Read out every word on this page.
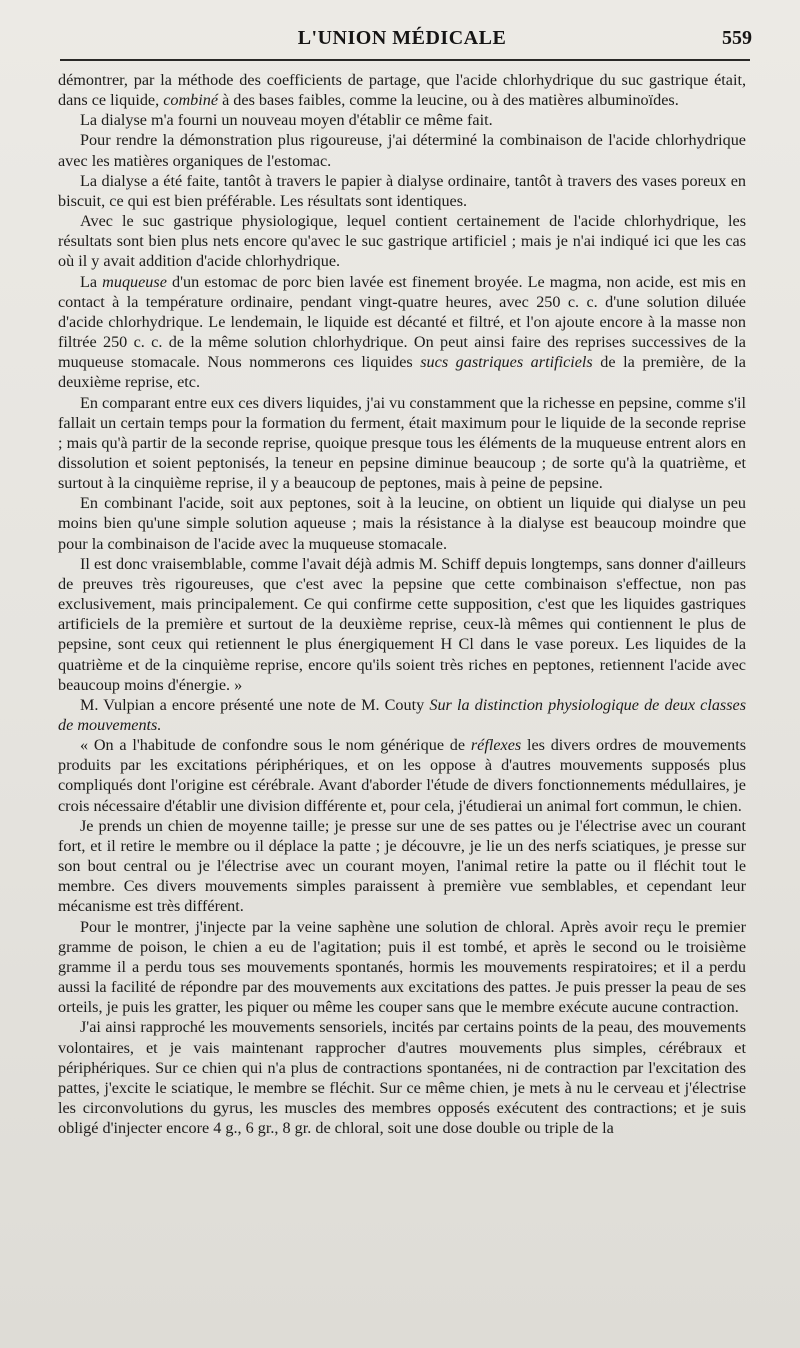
L'UNION MÉDICALE	559

démontrer, par la méthode des coefficients de partage, que l'acide chlorhydrique du suc gastrique était, dans ce liquide, combiné à des bases faibles, comme la leucine, ou à des matières albuminoïdes.

La dialyse m'a fourni un nouveau moyen d'établir ce même fait.

Pour rendre la démonstration plus rigoureuse, j'ai déterminé la combinaison de l'acide chlorhydrique avec les matières organiques de l'estomac.

La dialyse a été faite, tantôt à travers le papier à dialyse ordinaire, tantôt à travers des vases poreux en biscuit, ce qui est bien préférable. Les résultats sont identiques.

Avec le suc gastrique physiologique, lequel contient certainement de l'acide chlorhydrique, les résultats sont bien plus nets encore qu'avec le suc gastrique artificiel ; mais je n'ai indiqué ici que les cas où il y avait addition d'acide chlorhydrique.

La muqueuse d'un estomac de porc bien lavée est finement broyée. Le magma, non acide, est mis en contact à la température ordinaire, pendant vingt-quatre heures, avec 250 c. c. d'une solution diluée d'acide chlorhydrique. Le lendemain, le liquide est décanté et filtré, et l'on ajoute encore à la masse non filtrée 250 c. c. de la même solution chlorhydrique. On peut ainsi faire des reprises successives de la muqueuse stomacale. Nous nommerons ces liquides sucs gastriques artificiels de la première, de la deuxième reprise, etc.

En comparant entre eux ces divers liquides, j'ai vu constamment que la richesse en pepsine, comme s'il fallait un certain temps pour la formation du ferment, était maximum pour le liquide de la seconde reprise ; mais qu'à partir de la seconde reprise, quoique presque tous les éléments de la muqueuse entrent alors en dissolution et soient peptonisés, la teneur en pepsine diminue beaucoup ; de sorte qu'à la quatrième, et surtout à la cinquième reprise, il y a beaucoup de peptones, mais à peine de pepsine.

En combinant l'acide, soit aux peptones, soit à la leucine, on obtient un liquide qui dialyse un peu moins bien qu'une simple solution aqueuse ; mais la résistance à la dialyse est beaucoup moindre que pour la combinaison de l'acide avec la muqueuse stomacale.

Il est donc vraisemblable, comme l'avait déjà admis M. Schiff depuis longtemps, sans donner d'ailleurs de preuves très rigoureuses, que c'est avec la pepsine que cette combinaison s'effectue, non pas exclusivement, mais principalement. Ce qui confirme cette supposition, c'est que les liquides gastriques artificiels de la première et surtout de la deuxième reprise, ceux-là mêmes qui contiennent le plus de pepsine, sont ceux qui retiennent le plus énergiquement H Cl dans le vase poreux. Les liquides de la quatrième et de la cinquième reprise, encore qu'ils soient très riches en peptones, retiennent l'acide avec beaucoup moins d'énergie. »

M. Vulpian a encore présenté une note de M. Couty Sur la distinction physiologique de deux classes de mouvements.

« On a l'habitude de confondre sous le nom générique de réflexes les divers ordres de mouvements produits par les excitations périphériques, et on les oppose à d'autres mouvements supposés plus compliqués dont l'origine est cérébrale. Avant d'aborder l'étude de divers fonctionnements médullaires, je crois nécessaire d'établir une division différente et, pour cela, j'étudierai un animal fort commun, le chien.

Je prends un chien de moyenne taille; je presse sur une de ses pattes ou je l'électrise avec un courant fort, et il retire le membre ou il déplace la patte ; je découvre, je lie un des nerfs sciatiques, je presse sur son bout central ou je l'électrise avec un courant moyen, l'animal retire la patte ou il fléchit tout le membre. Ces divers mouvements simples paraissent à première vue semblables, et cependant leur mécanisme est très différent.

Pour le montrer, j'injecte par la veine saphène une solution de chloral. Après avoir reçu le premier gramme de poison, le chien a eu de l'agitation; puis il est tombé, et après le second ou le troisième gramme il a perdu tous ses mouvements spontanés, hormis les mouvements respiratoires; et il a perdu aussi la facilité de répondre par des mouvements aux excitations des pattes. Je puis presser la peau de ses orteils, je puis les gratter, les piquer ou même les couper sans que le membre exécute aucune contraction.

J'ai ainsi rapproché les mouvements sensoriels, incités par certains points de la peau, des mouvements volontaires, et je vais maintenant rapprocher d'autres mouvements plus simples, cérébraux et périphériques. Sur ce chien qui n'a plus de contractions spontanées, ni de contraction par l'excitation des pattes, j'excite le sciatique, le membre se fléchit. Sur ce même chien, je mets à nu le cerveau et j'électrise les circonvolutions du gyrus, les muscles des membres opposés exécutent des contractions; et je suis obligé d'injecter encore 4 g., 6 gr., 8 gr. de chloral, soit une dose double ou triple de la
